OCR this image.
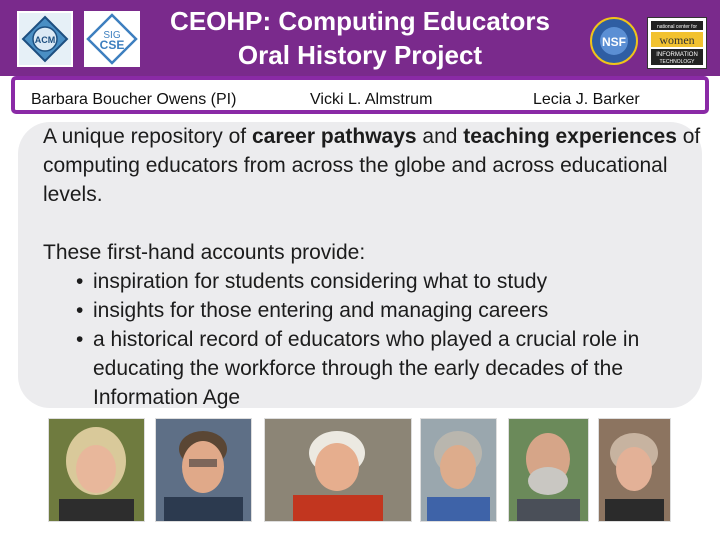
ACM	SIG
CSE
CEOHP: Computing Educators
Oral History Project	NSF
national center for
women
INFORMATION
TECHNOLOGY
Barbara Boucher Owens (PI)	Vicki L. Almstrum	Lecia J. Barker

A unique repository of career pathways and teaching experiences of computing educators from across the globe and across educational levels.

These first-hand accounts provide:

• inspiration for students considering what to study
• insights for those entering and managing careers
• a historical record of educators who played a crucial role in educating the workforce through the early decades of the Information Age
